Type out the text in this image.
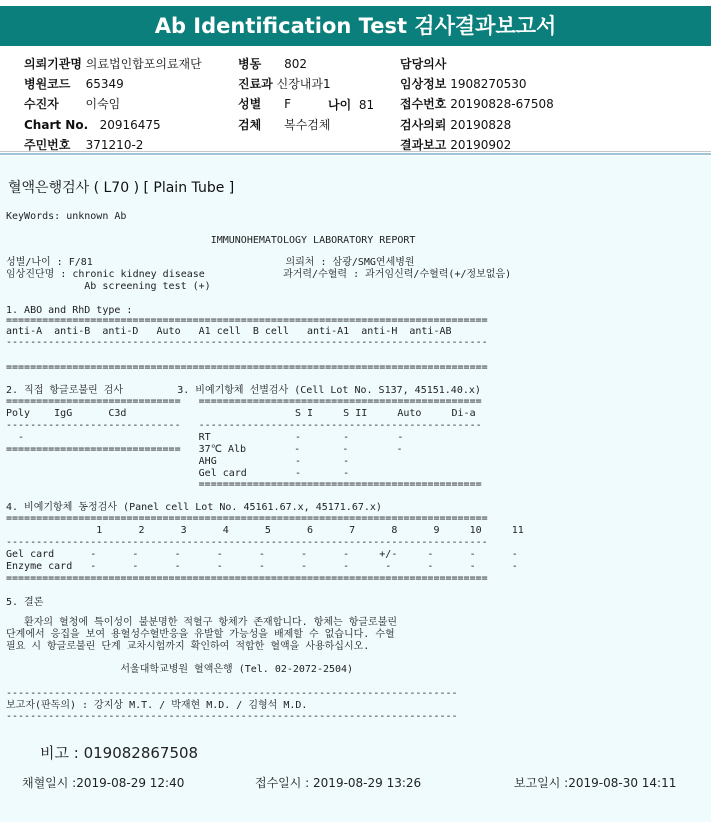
Ab Identification Test 검사결과보고서
의뢰기관명 의료법인합포의료재단
병원코드 65349
수진자 이숙임
Chart No. 20916475
주민번호 371210-2
병동 802
진료과 신장내과1
성별 F
검체 복수검체
나이 81
담당의사
임상정보 1908270530
접수번호 20190828-67508
검사의뢰 20190828
결과보고 20190902
혈액은행검사 ( L70 ) [ Plain Tube ]
KeyWords: unknown Ab
IMMUNOHEMATOLOGY LABORATORY REPORT
성별/나이 : F/81                                의뢰처 : 삼광/SMG연세병원
임상진단명 : chronic kidney disease             과거력/수혈력 : 과거임신력/수혈력(+/정보없음)
Ab screening test (+)
1. ABO and RhD type :
================================================================================
anti-A  anti-B  anti-D   Auto   A1 cell  B cell   anti-A1  anti-H  anti-AB
--------------------------------------------------------------------------------
================================================================================
2. 직접 항글로불린 검사         3. 비예기항체 선별검사 (Cell Lot No. S137, 45151.40.x)
=============================   ===============================================
Poly    IgG      C3d                            S I     S II     Auto     Di-a
-----------------------------   -----------------------------------------------
-                             RT              -       -        -
=============================   37℃ Alb        -       -        -
AHG             -       -
Gel card        -       -
===============================================
4. 비예기항체 동정검사 (Panel cell Lot No. 45161.67.x, 45171.67.x)
================================================================================
1      2      3      4      5      6      7      8      9     10     11
--------------------------------------------------------------------------------
Gel card      -      -      -      -      -      -      -     +/-     -      -      -
Enzyme card   -      -      -      -      -      -      -      -      -      -      -
================================================================================
5. 결론
환자의 혈청에 특이성이 불분명한 적혈구 항체가 존재합니다. 항체는 항글로불린
단계에서 응집을 보여 용혈성수혈반응을 유발할 가능성을 배제할 수 없습니다. 수혈
필요 시 항글로불린 단계 교차시험까지 확인하여 적합한 혈액을 사용하십시오.
서울대학교병원 혈액은행 (Tel. 02-2072-2504)
---------------------------------------------------------------------------
보고자(판독의) : 강지상 M.T. / 박재현 M.D. / 김형석 M.D.
---------------------------------------------------------------------------
비고 : 019082867508
채혈일시 :2019-08-29 12:40	접수일시 : 2019-08-29 13:26	보고일시 :2019-08-30 14:11
